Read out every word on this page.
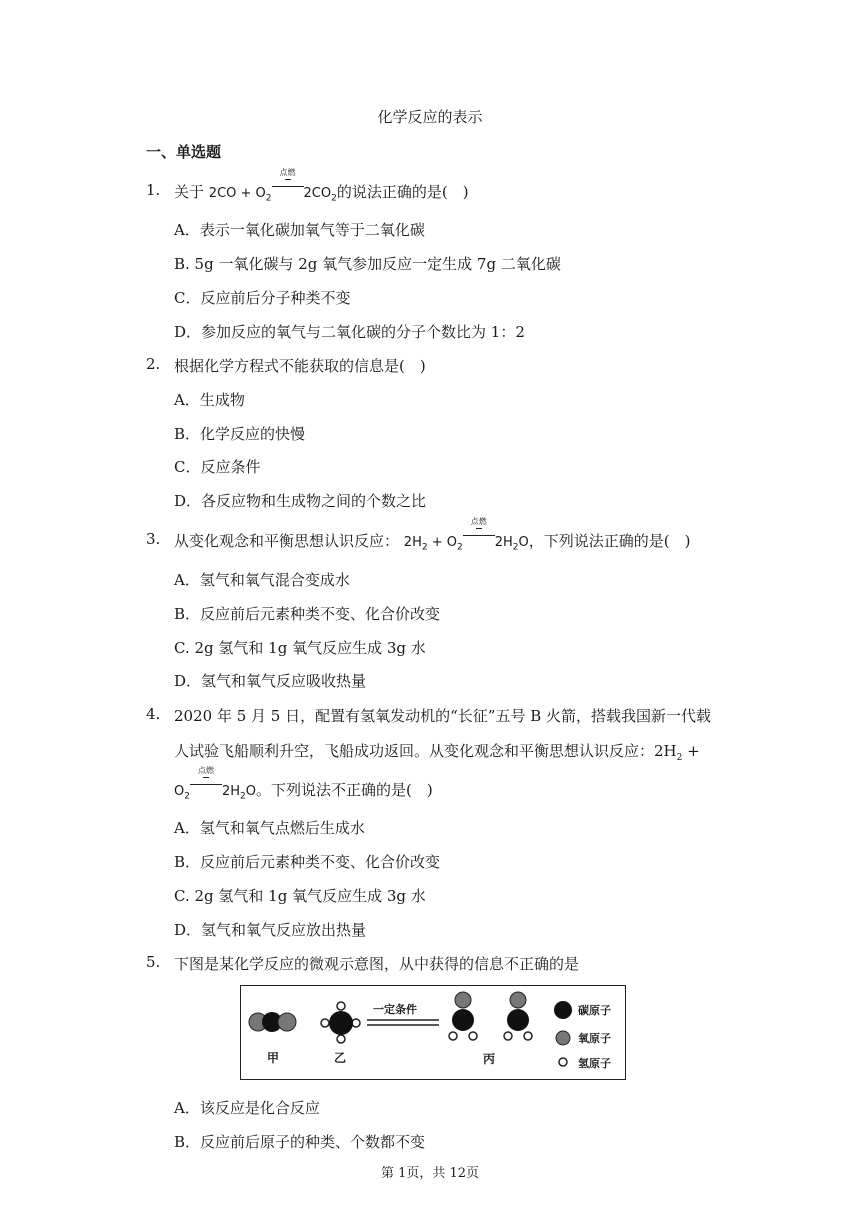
化学反应的表示
一、单选题
1. 关于 $2CO + O_2$
点燃
$2CO_2$的说法正确的是(　)
A．表示一氧化碳加氧气等于二氧化碳
B. 5g 一氧化碳与 2g 氧气参加反应一定生成 7g 二氧化碳
C．反应前后分子种类不变
D．参加反应的氧气与二氧化碳的分子个数比为 1：2
2. 根据化学方程式不能获取的信息是(　)
A．生成物
B．化学反应的快慢
C．反应条件
D．各反应物和生成物之间的个数之比
3. 从变化观念和平衡思想认识反应： $2H_2 + O_2$
点燃
$2H_2O$，下列说法正确的是(　)
A．氢气和氧气混合变成水
B．反应前后元素种类不变、化合价改变
C. 2g 氢气和 1g 氧气反应生成 3g 水
D．氢气和氧气反应吸收热量
4. 2020 年 5 月 5 日，配置有氢氧发动机的“长征”五号 B 火箭，搭载我国新一代载
人试验飞船顺利升空，飞船成功返回。从变化观念和平衡思想认识反应：$2H_2$ +
$O_2$
点燃
$2H_2O$。下列说法不正确的是(　)
A．氢气和氧气点燃后生成水
B．反应前后元素种类不变、化合价改变
C. 2g 氢气和 1g 氧气反应生成 3g 水
D．氢气和氧气反应放出热量
5. 下图是某化学反应的微观示意图，从中获得的信息不正确的是
甲	乙	丙
一定条件	碳原子
氧原子
氢原子
A．该反应是化合反应
B．反应前后原子的种类、个数都不变
第 1页，共 12页
